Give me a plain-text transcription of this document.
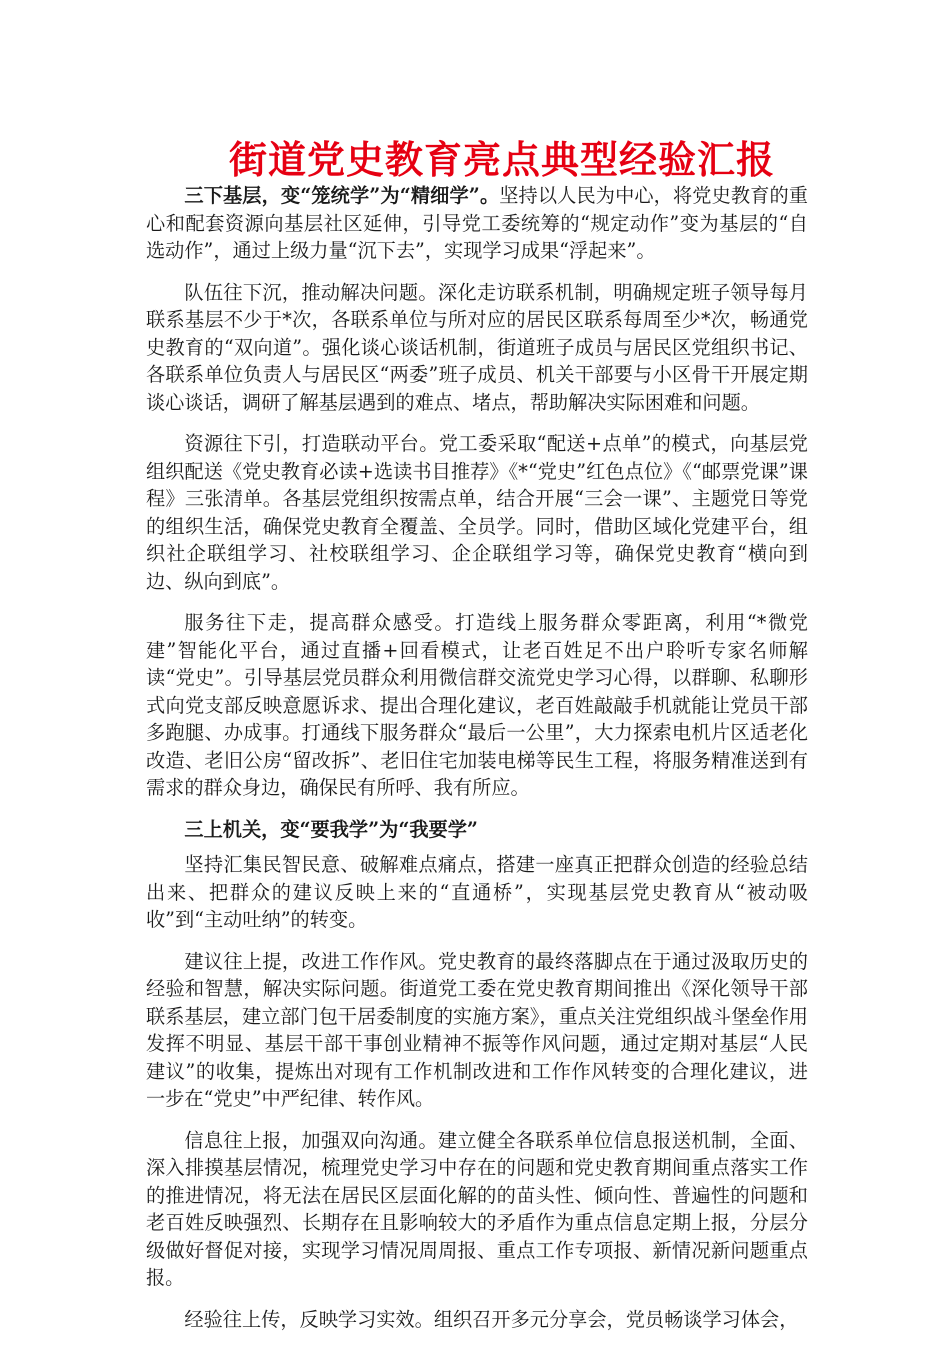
街道党史教育亮点典型经验汇报

三下基层，变“笼统学”为“精细学”。坚持以人民为中心，将党史教育的重心和配套资源向基层社区延伸，引导党工委统筹的“规定动作”变为基层的“自选动作”，通过上级力量“沉下去”，实现学习成果“浮起来”。

队伍往下沉，推动解决问题。深化走访联系机制，明确规定班子领导每月联系基层不少于*次，各联系单位与所对应的居民区联系每周至少*次，畅通党史教育的“双向道”。强化谈心谈话机制，街道班子成员与居民区党组织书记、各联系单位负责人与居民区“两委”班子成员、机关干部要与小区骨干开展定期谈心谈话，调研了解基层遇到的难点、堵点，帮助解决实际困难和问题。

资源往下引，打造联动平台。党工委采取“配送+点单”的模式，向基层党组织配送《党史教育必读+选读书目推荐》《*“党史”红色点位》《“邮票党课”课程》三张清单。各基层党组织按需点单，结合开展“三会一课”、主题党日等党的组织生活，确保党史教育全覆盖、全员学。同时，借助区域化党建平台，组织社企联组学习、社校联组学习、企企联组学习等，确保党史教育“横向到边、纵向到底”。

服务往下走，提高群众感受。打造线上服务群众零距离，利用“*微党建”智能化平台，通过直播+回看模式，让老百姓足不出户聆听专家名师解读“党史”。引导基层党员群众利用微信群交流党史学习心得，以群聊、私聊形式向党支部反映意愿诉求、提出合理化建议，老百姓敲敲手机就能让党员干部多跑腿、办成事。打通线下服务群众“最后一公里”，大力探索电机片区适老化改造、老旧公房“留改拆”、老旧住宅加装电梯等民生工程，将服务精准送到有需求的群众身边，确保民有所呼、我有所应。

三上机关，变“要我学”为“我要学”

坚持汇集民智民意、破解难点痛点，搭建一座真正把群众创造的经验总结出来、把群众的建议反映上来的“直通桥”，实现基层党史教育从“被动吸收”到“主动吐纳”的转变。

建议往上提，改进工作作风。党史教育的最终落脚点在于通过汲取历史的经验和智慧，解决实际问题。街道党工委在党史教育期间推出《深化领导干部联系基层，建立部门包干居委制度的实施方案》，重点关注党组织战斗堡垒作用发挥不明显、基层干部干事创业精神不振等作风问题，通过定期对基层“人民建议”的收集，提炼出对现有工作机制改进和工作作风转变的合理化建议，进一步在“党史”中严纪律、转作风。

信息往上报，加强双向沟通。建立健全各联系单位信息报送机制，全面、深入排摸基层情况，梳理党史学习中存在的问题和党史教育期间重点落实工作的推进情况，将无法在居民区层面化解的的苗头性、倾向性、普遍性的问题和老百姓反映强烈、长期存在且影响较大的矛盾作为重点信息定期上报，分层分级做好督促对接，实现学习情况周周报、重点工作专项报、新情况新问题重点报。

经验往上传，反映学习实效。组织召开多元分享会，党员畅谈学习体会，
